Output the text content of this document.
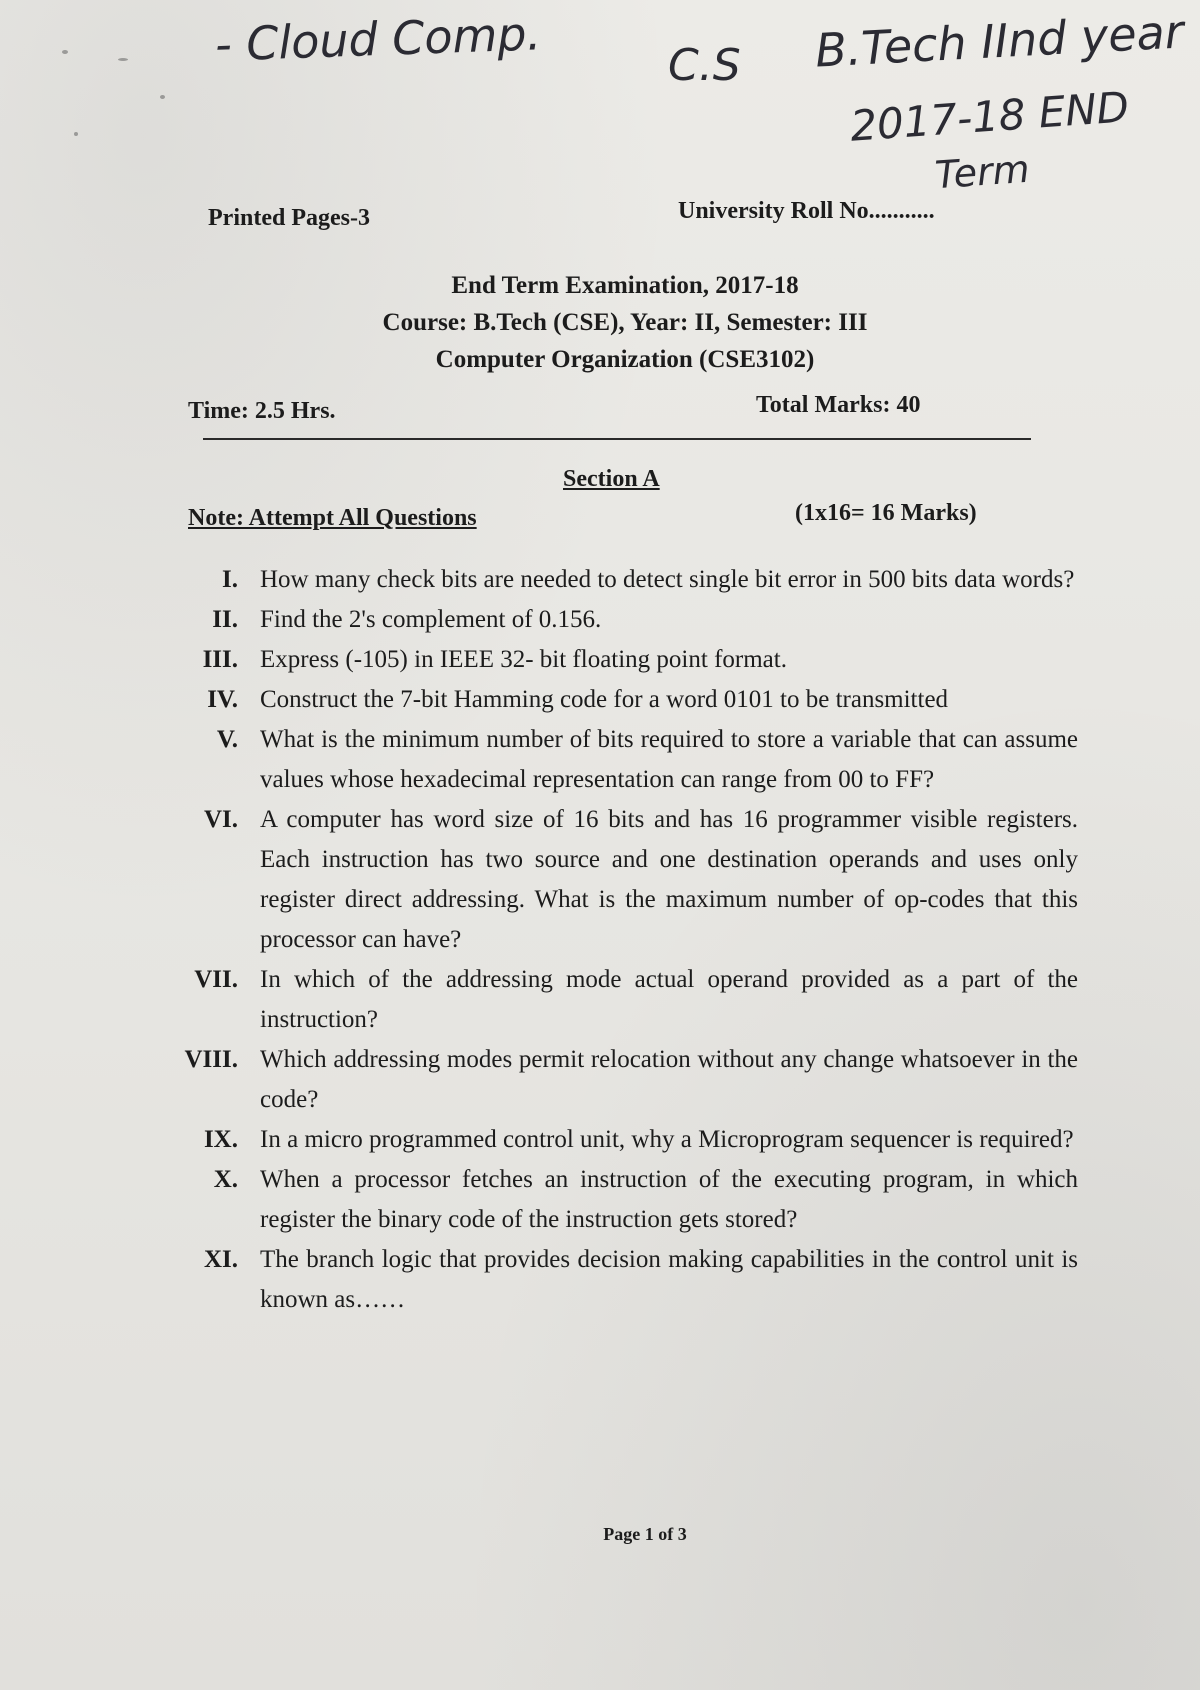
- Cloud Comp.	C.S B.Tech IInd year
2017-18 END
Term
Printed Pages-3	University Roll No...........
End Term Examination, 2017-18
Course: B.Tech (CSE), Year: II, Semester: III
Computer Organization (CSE3102)
Time: 2.5 Hrs.	Total Marks: 40
Section A
Note: Attempt All Questions	(1x16= 16 Marks)
I. How many check bits are needed to detect single bit error in 500 bits data words?
II. Find the 2's complement of 0.156.
III. Express (-105) in IEEE 32- bit floating point format.
IV. Construct the 7-bit Hamming code for a word 0101 to be transmitted
V. What is the minimum number of bits required to store a variable that can assume values whose hexadecimal representation can range from 00 to FF?
VI. A computer has word size of 16 bits and has 16 programmer visible registers. Each instruction has two source and one destination operands and uses only register direct addressing. What is the maximum number of op-codes that this processor can have?
VII. In which of the addressing mode actual operand provided as a part of the instruction?
VIII. Which addressing modes permit relocation without any change whatsoever in the code?
IX. In a micro programmed control unit, why a Microprogram sequencer is required?
X. When a processor fetches an instruction of the executing program, in which register the binary code of the instruction gets stored?
XI. The branch logic that provides decision making capabilities in the control unit is known as……
Page 1 of 3
